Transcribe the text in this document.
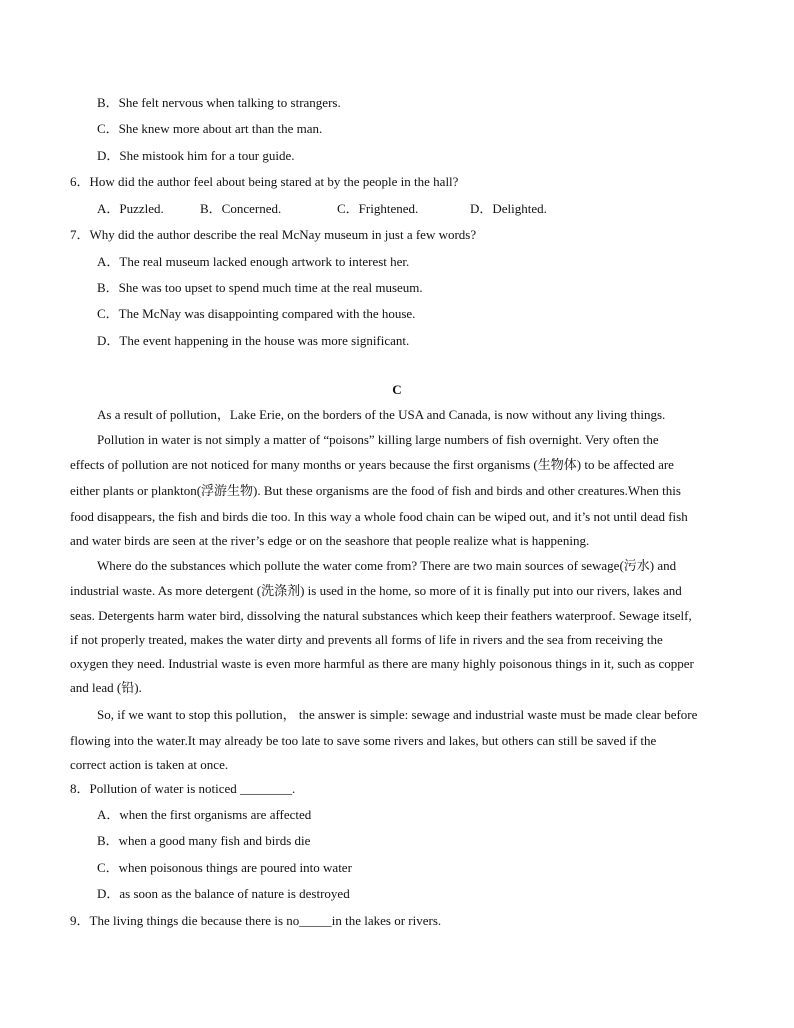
B．She felt nervous when talking to strangers.
C．She knew more about art than the man.
D．She mistook him for a tour guide.
6．How did the author feel about being stared at by the people in the hall?
A．Puzzled.	B．Concerned.	C．Frightened.	D．Delighted.
7．Why did the author describe the real McNay museum in just a few words?
A．The real museum lacked enough artwork to interest her.
B．She was too upset to spend much time at the real museum.
C．The McNay was disappointing compared with the house.
D．The event happening in the house was more significant.
C
As a result of pollution，Lake Erie, on the borders of the USA and Canada, is now without any living things.
Pollution in water is not simply a matter of “poisons” killing large numbers of fish overnight. Very often the
effects of pollution are not noticed for many months or years because the first organisms (生物体) to be affected are
either plants or plankton(浮游生物). But these organisms are the food of fish and birds and other creatures.When this
food disappears, the fish and birds die too. In this way a whole food chain can be wiped out, and it’s not until dead fish
and water birds are seen at the river’s edge or on the seashore that people realize what is happening.
Where do the substances which pollute the water come from? There are two main sources of sewage(污水) and
industrial waste. As more detergent (洗涤剂) is used in the home, so more of it is finally put into our rivers, lakes and
seas. Detergents harm water bird, dissolving the natural substances which keep their feathers waterproof. Sewage itself,
if not properly treated, makes the water dirty and prevents all forms of life in rivers and the sea from receiving the
oxygen they need. Industrial waste is even more harmful as there are many highly poisonous things in it, such as copper
and lead (铅).
So, if we want to stop this pollution， the answer is simple: sewage and industrial waste must be made clear before
flowing into the water.It may already be too late to save some rivers and lakes, but others can still be saved if the
correct action is taken at once.
8．Pollution of water is noticed ________.
A．when the first organisms are affected
B．when a good many fish and birds die
C．when poisonous things are poured into water
D．as soon as the balance of nature is destroyed
9．The living things die because there is no_____in the lakes or rivers.
